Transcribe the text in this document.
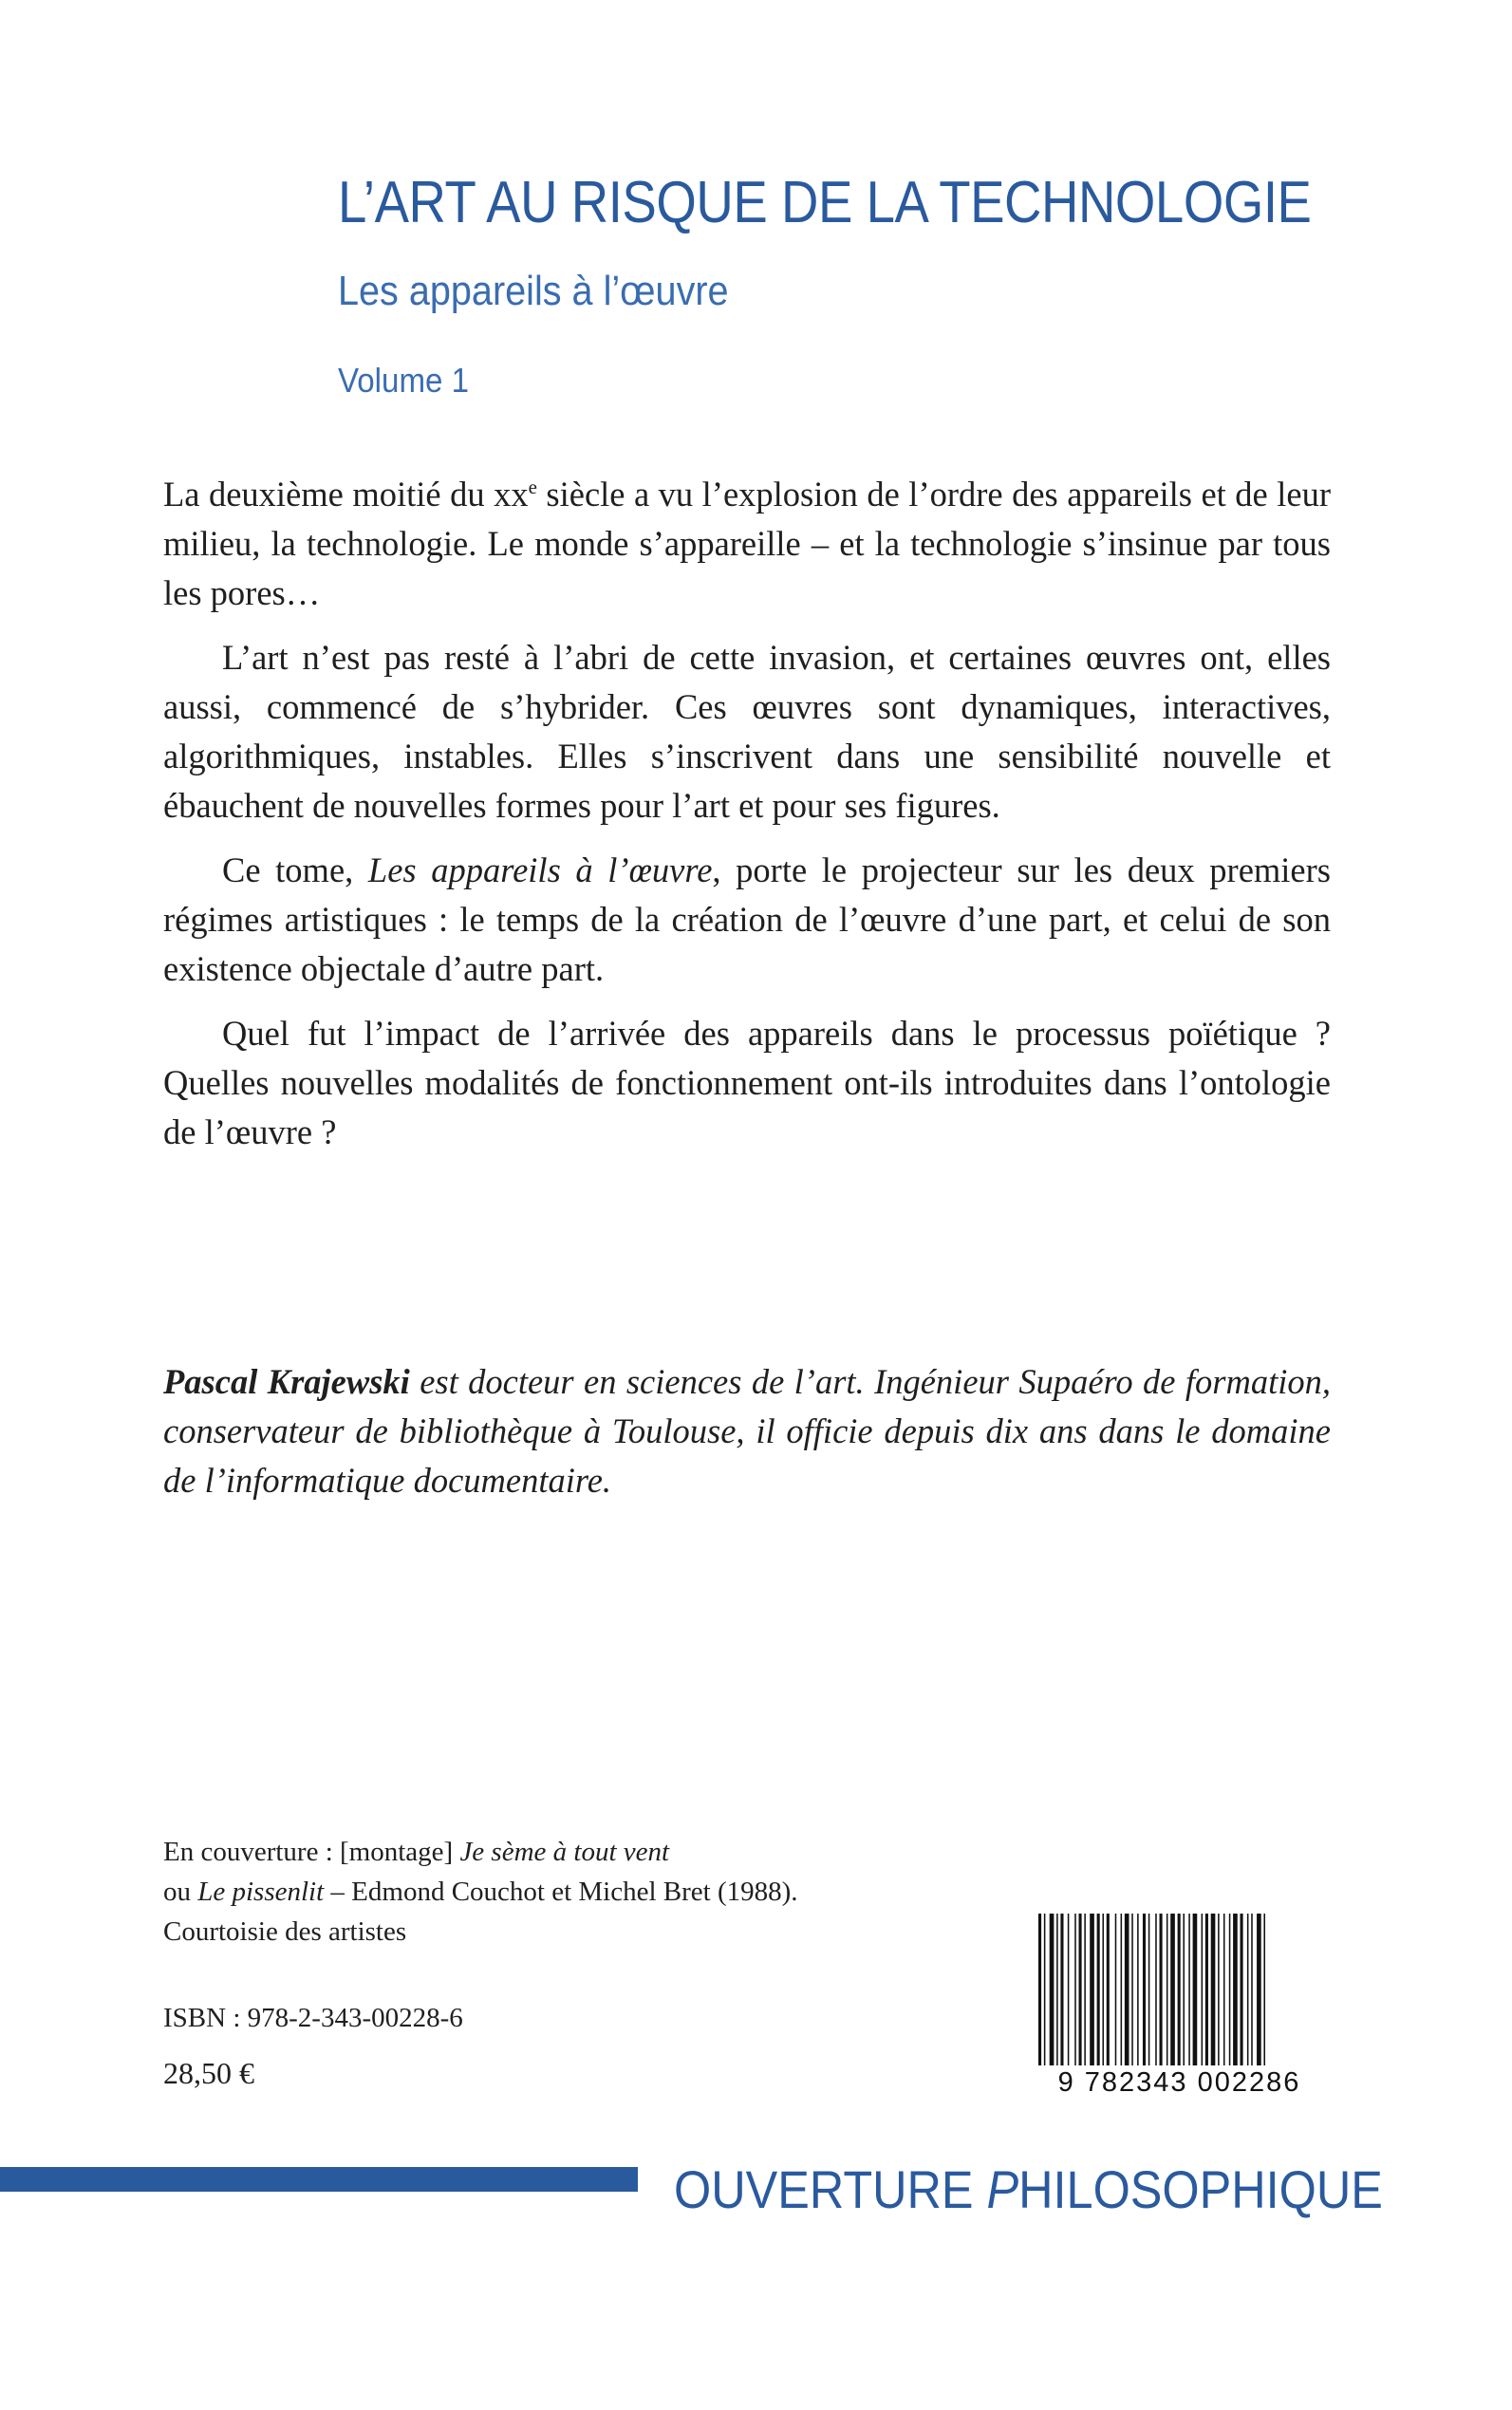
L’ART AU RISQUE DE LA TECHNOLOGIE
Les appareils à l’œuvre
Volume 1

La deuxième moitié du $xx^e$ siècle a vu l’explosion de l’ordre des appareils et de leur milieu, la technologie. Le monde s’appareille – et la technologie s’insinue par tous les pores…

L’art n’est pas resté à l’abri de cette invasion, et certaines œuvres ont, elles aussi, commencé de s’hybrider. Ces œuvres sont dynamiques, interactives, algorithmiques, instables. Elles s’inscrivent dans une sensibilité nouvelle et ébauchent de nouvelles formes pour l’art et pour ses figures.

Ce tome, Les appareils à l’œuvre, porte le projecteur sur les deux premiers régimes artistiques : le temps de la création de l’œuvre d’une part, et celui de son existence objectale d’autre part.

Quel fut l’impact de l’arrivée des appareils dans le processus poïétique ? Quelles nouvelles modalités de fonctionnement ont-ils introduites dans l’ontologie de l’œuvre ?

Pascal Krajewski est docteur en sciences de l’art. Ingénieur Supaéro de formation, conservateur de bibliothèque à Toulouse, il officie depuis dix ans dans le domaine de l’informatique documentaire.

En couverture : [montage] Je sème à tout vent
ou Le pissenlit – Edmond Couchot et Michel Bret (1988).
Courtoisie des artistes

ISBN : 978-2-343-00228-6

28,50 €	9 782343 002286

OUVERTURE PHILOSOPHIQUE
